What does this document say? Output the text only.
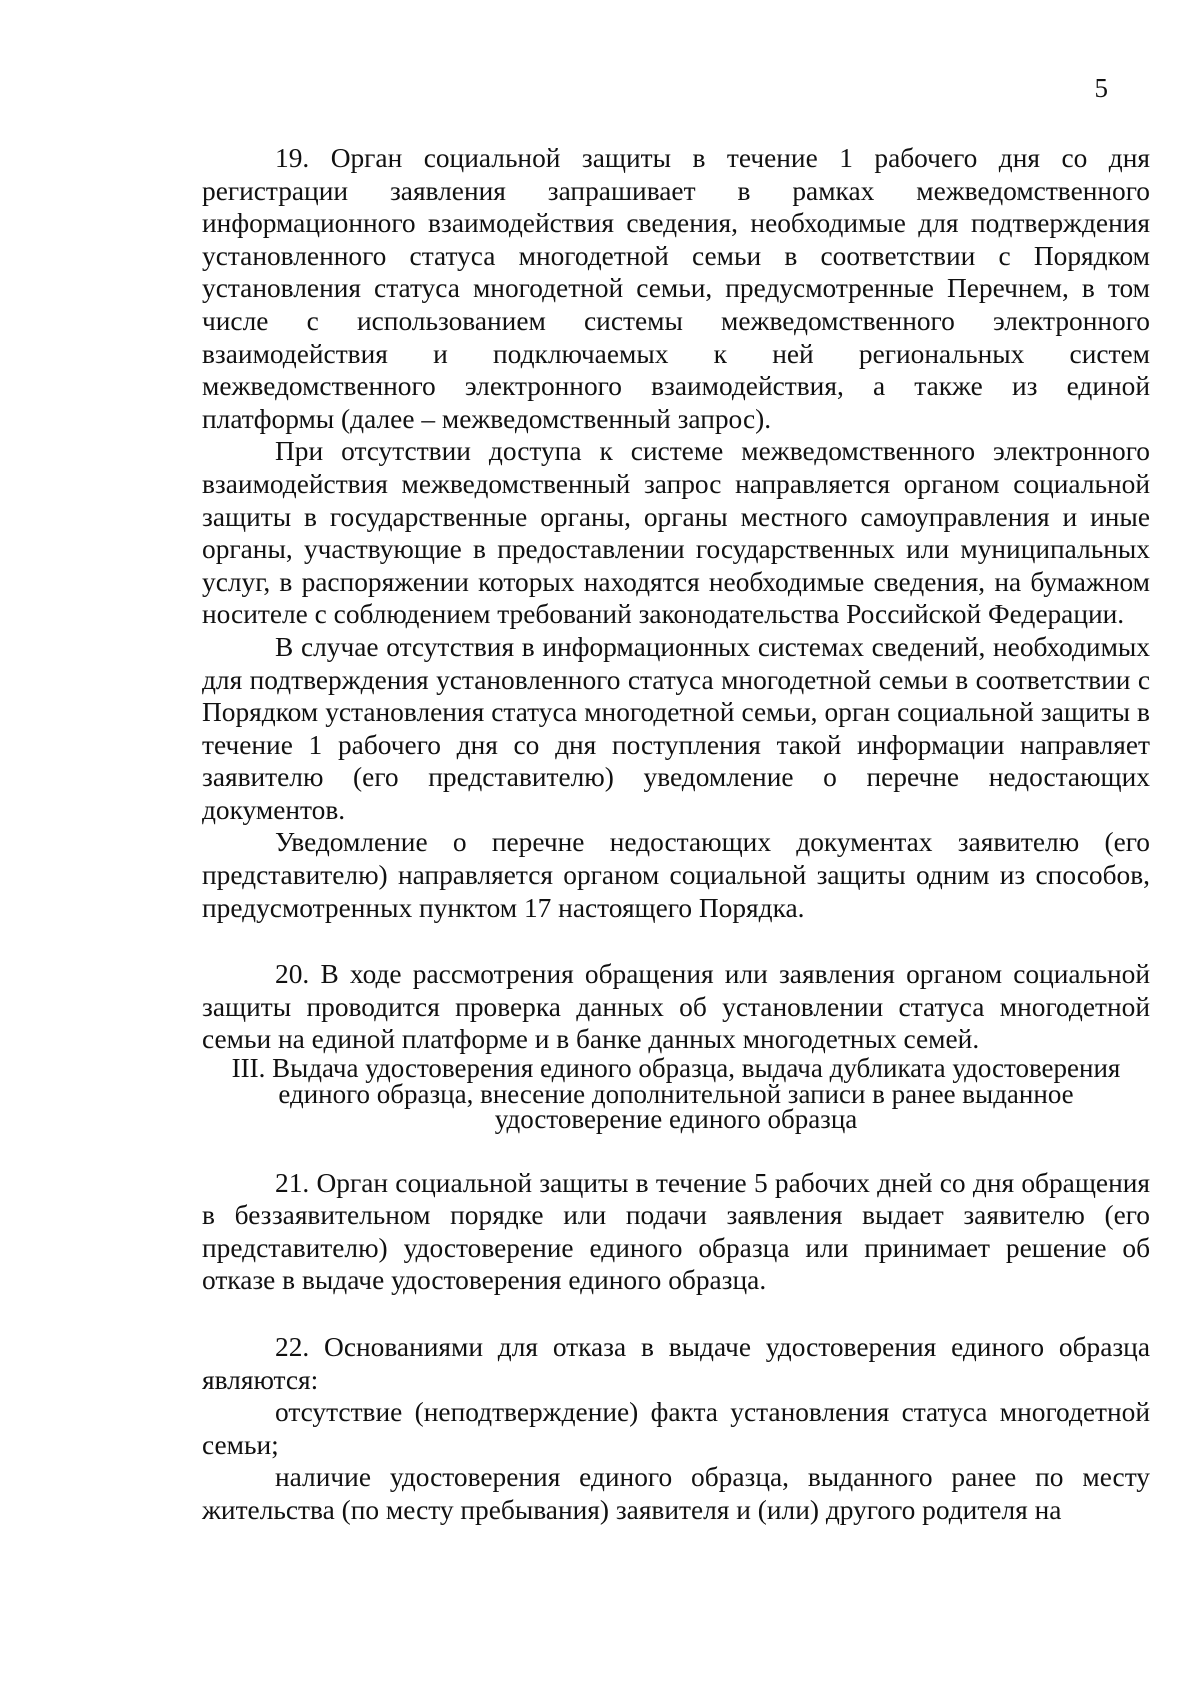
5

19. Орган социальной защиты в течение 1 рабочего дня со дня регистрации заявления запрашивает в рамках межведомственного информационного взаимодействия сведения, необходимые для подтверждения установленного статуса многодетной семьи в соответствии с Порядком установления статуса многодетной семьи, предусмотренные Перечнем, в том числе с использованием системы межведомственного электронного взаимодействия и подключаемых к ней региональных систем межведомственного электронного взаимодействия, а также из единой платформы (далее – межведомственный запрос).

При отсутствии доступа к системе межведомственного электронного взаимодействия межведомственный запрос направляется органом социальной защиты в государственные органы, органы местного самоуправления и иные органы, участвующие в предоставлении государственных или муниципальных услуг, в распоряжении которых находятся необходимые сведения, на бумажном носителе с соблюдением требований законодательства Российской Федерации.

В случае отсутствия в информационных системах сведений, необходимых для подтверждения установленного статуса многодетной семьи в соответствии с Порядком установления статуса многодетной семьи, орган социальной защиты в течение 1 рабочего дня со дня поступления такой информации направляет заявителю (его представителю) уведомление о перечне недостающих документов.

Уведомление о перечне недостающих документах заявителю (его представителю) направляется органом социальной защиты одним из способов, предусмотренных пунктом 17 настоящего Порядка.

20. В ходе рассмотрения обращения или заявления органом социальной защиты проводится проверка данных об установлении статуса многодетной семьи на единой платформе и в банке данных многодетных семей.

III. Выдача удостоверения единого образца, выдача дубликата удостоверения единого образца, внесение дополнительной записи в ранее выданное удостоверение единого образца

21. Орган социальной защиты в течение 5 рабочих дней со дня обращения в беззаявительном порядке или подачи заявления выдает заявителю (его представителю) удостоверение единого образца или принимает решение об отказе в выдаче удостоверения единого образца.

22. Основаниями для отказа в выдаче удостоверения единого образца являются:

отсутствие (неподтверждение) факта установления статуса многодетной семьи;

наличие удостоверения единого образца, выданного ранее по месту жительства (по месту пребывания) заявителя и (или) другого родителя на
